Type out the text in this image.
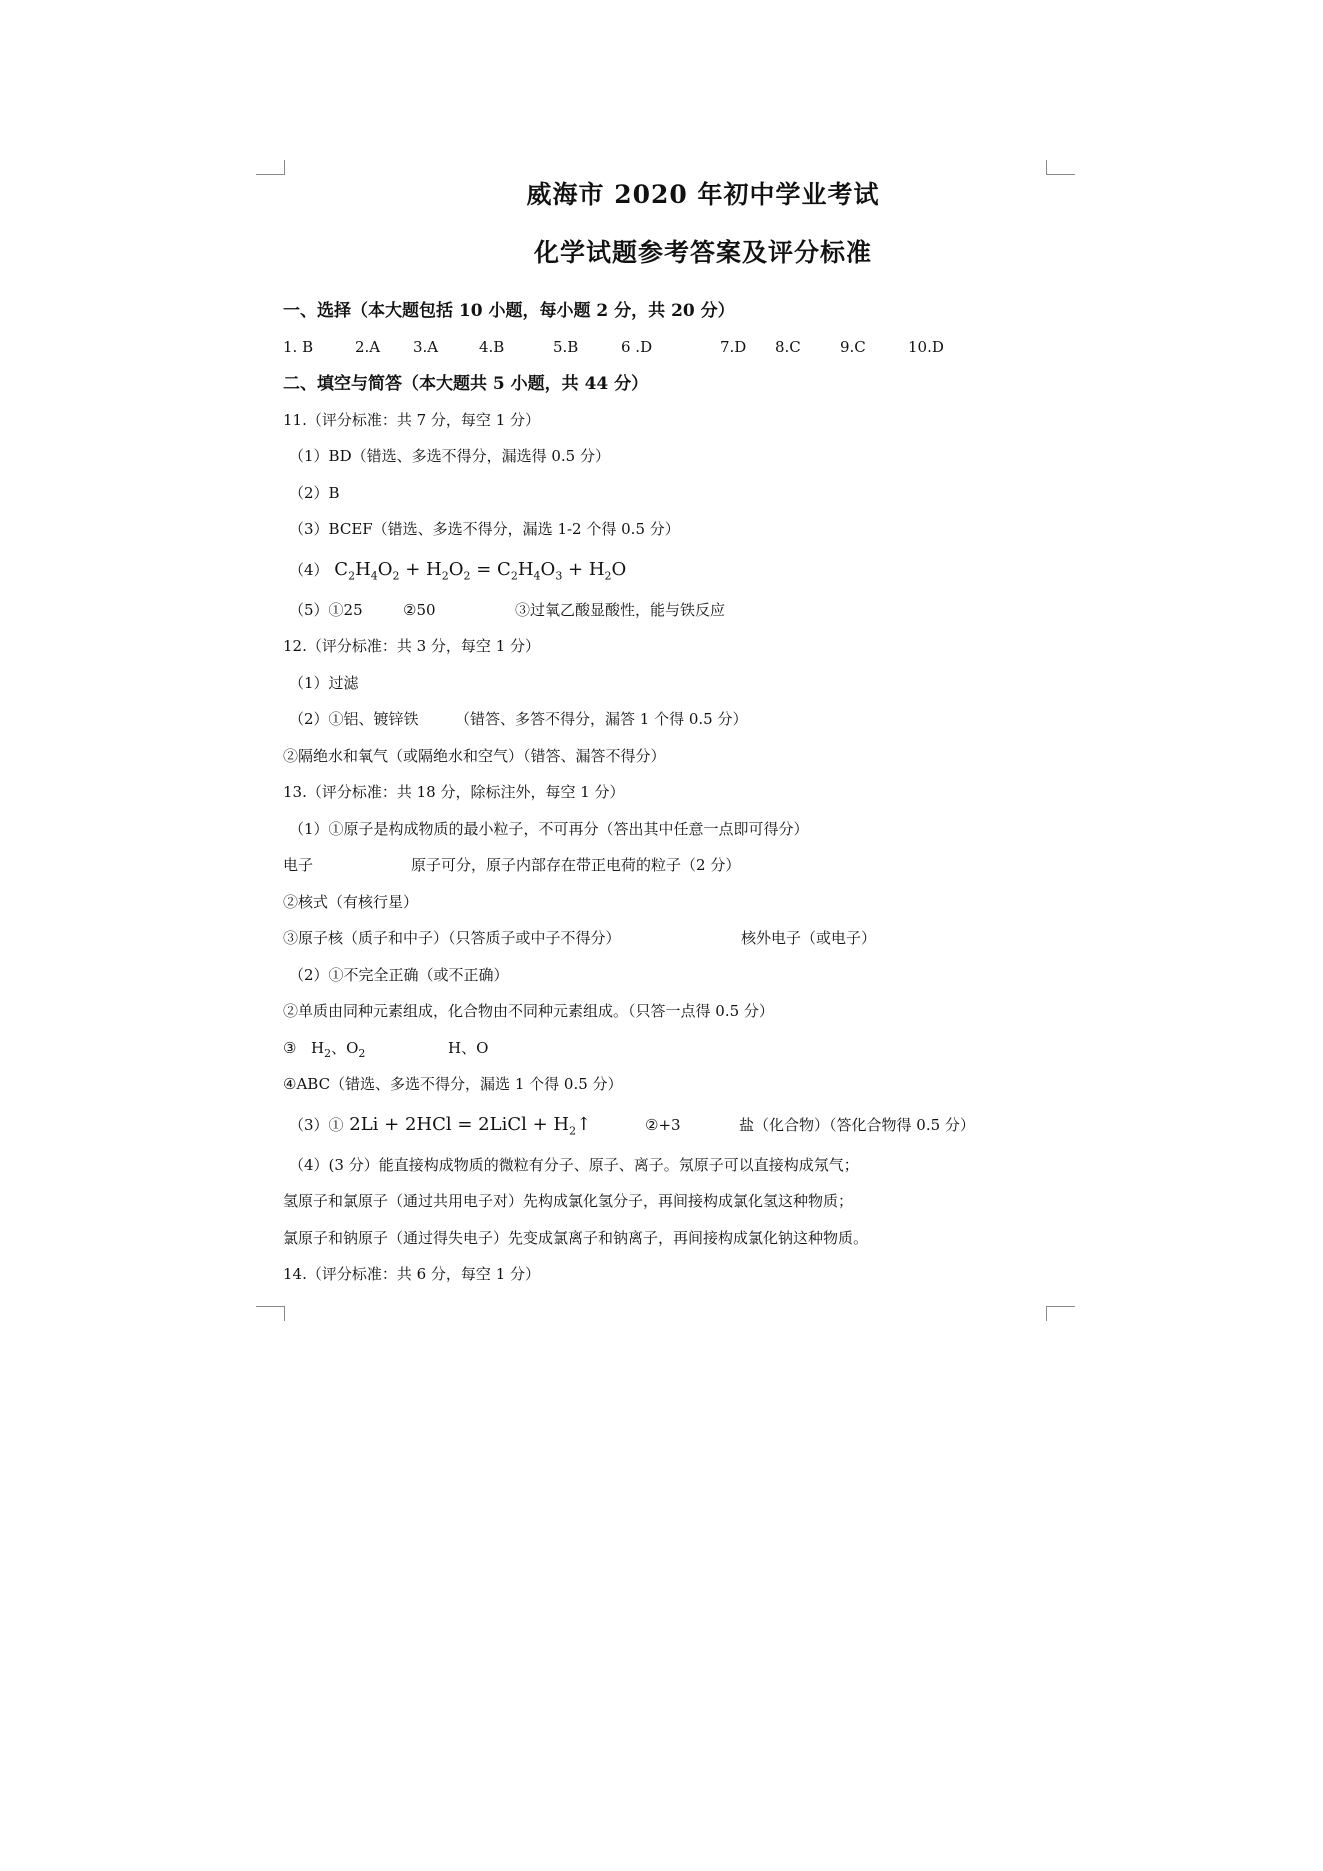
威海市 2020 年初中学业考试
化学试题参考答案及评分标准
一、选择（本大题包括 10 小题，每小题 2 分，共 20 分）
1. B	2.A 3.A	4.B	5.B	6 .D	7.D 8.C	9.C	10.D
二、填空与简答（本大题共 5 小题，共 44 分）
11.（评分标准：共 7 分，每空 1 分）
（1）BD（错选、多选不得分，漏选得 0.5 分）
（2）B
（3）BCEF（错选、多选不得分，漏选 1-2 个得 0.5 分）
（4） $C_2H_4O_2 + H_2O_2 = C_2H_4O_3 + H_2O$
（5）①25	②50	③过氧乙酸显酸性，能与铁反应
12.（评分标准：共 3 分，每空 1 分）
（1）过滤
（2）①铝、镀锌铁 （错答、多答不得分，漏答 1 个得 0.5 分）
②隔绝水和氧气（或隔绝水和空气）（错答、漏答不得分）
13.（评分标准：共 18 分，除标注外，每空 1 分）
（1）①原子是构成物质的最小粒子，不可再分（答出其中任意一点即可得分）
电子	原子可分，原子内部存在带正电荷的粒子（2 分）
②核式（有核行星）
③原子核（质子和中子）（只答质子或中子不得分）	核外电子（或电子）
（2）①不完全正确（或不正确）
②单质由同种元素组成，化合物由不同种元素组成。（只答一点得 0.5 分）
③ $H_2$、$O_2$	H、O
④ABC（错选、多选不得分，漏选 1 个得 0.5 分）
（3）① 2Li + 2HCl = 2LiCl + $H_2↑$	②+3	盐（化合物）（答化合物得 0.5 分）
（4）(3 分）能直接构成物质的微粒有分子、原子、离子。氖原子可以直接构成氖气；
氢原子和氯原子（通过共用电子对）先构成氯化氢分子，再间接构成氯化氢这种物质；
氯原子和钠原子（通过得失电子）先变成氯离子和钠离子，再间接构成氯化钠这种物质。
14.（评分标准：共 6 分，每空 1 分）
